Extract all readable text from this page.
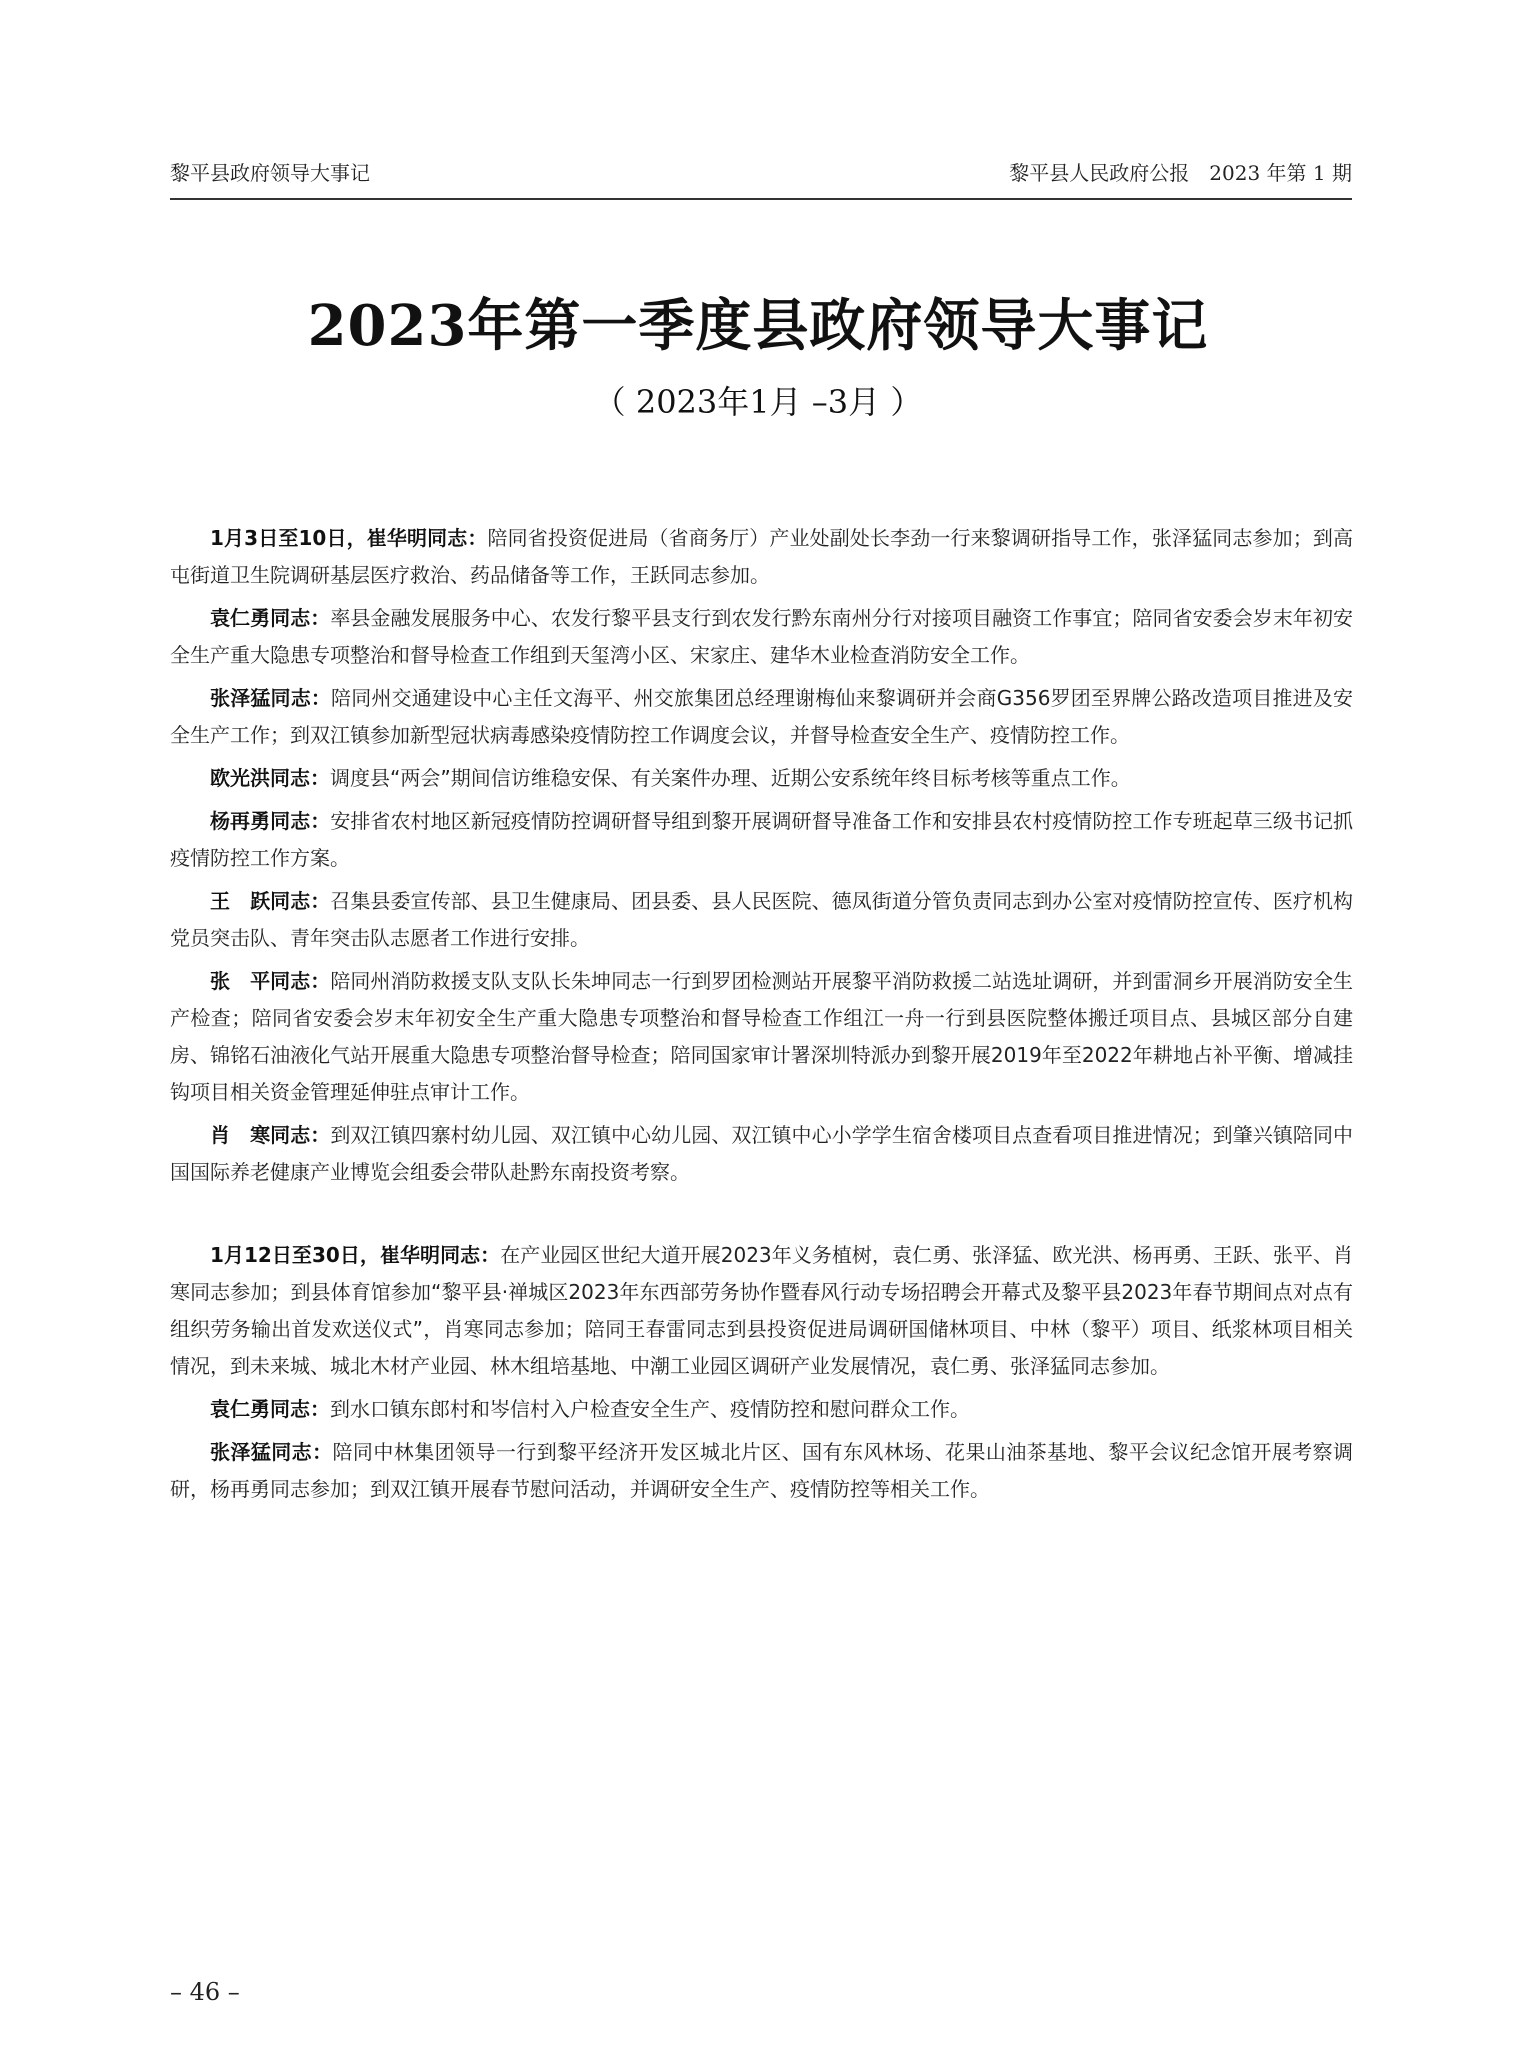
黎平县政府领导大事记	黎平县人民政府公报　2023 年第 1 期
2023年第一季度县政府领导大事记
（ 2023年1月 –3月 ）

1月3日至10日，崔华明同志：陪同省投资促进局（省商务厅）产业处副处长李劲一行来黎调研指导工作，张泽猛同志参加；到高屯街道卫生院调研基层医疗救治、药品储备等工作，王跃同志参加。

袁仁勇同志：率县金融发展服务中心、农发行黎平县支行到农发行黔东南州分行对接项目融资工作事宜；陪同省安委会岁末年初安全生产重大隐患专项整治和督导检查工作组到天玺湾小区、宋家庄、建华木业检查消防安全工作。

张泽猛同志：陪同州交通建设中心主任文海平、州交旅集团总经理谢梅仙来黎调研并会商G356罗团至界牌公路改造项目推进及安全生产工作；到双江镇参加新型冠状病毒感染疫情防控工作调度会议，并督导检查安全生产、疫情防控工作。

欧光洪同志：调度县“两会”期间信访维稳安保、有关案件办理、近期公安系统年终目标考核等重点工作。

杨再勇同志：安排省农村地区新冠疫情防控调研督导组到黎开展调研督导准备工作和安排县农村疫情防控工作专班起草三级书记抓疫情防控工作方案。

王　跃同志：召集县委宣传部、县卫生健康局、团县委、县人民医院、德凤街道分管负责同志到办公室对疫情防控宣传、医疗机构党员突击队、青年突击队志愿者工作进行安排。

张　平同志：陪同州消防救援支队支队长朱坤同志一行到罗团检测站开展黎平消防救援二站选址调研，并到雷洞乡开展消防安全生产检查；陪同省安委会岁末年初安全生产重大隐患专项整治和督导检查工作组江一舟一行到县医院整体搬迁项目点、县城区部分自建房、锦铭石油液化气站开展重大隐患专项整治督导检查；陪同国家审计署深圳特派办到黎开展2019年至2022年耕地占补平衡、增减挂钩项目相关资金管理延伸驻点审计工作。

肖　寒同志：到双江镇四寨村幼儿园、双江镇中心幼儿园、双江镇中心小学学生宿舍楼项目点查看项目推进情况；到肇兴镇陪同中国国际养老健康产业博览会组委会带队赴黔东南投资考察。

1月12日至30日，崔华明同志：在产业园区世纪大道开展2023年义务植树，袁仁勇、张泽猛、欧光洪、杨再勇、王跃、张平、肖寒同志参加；到县体育馆参加“黎平县·禅城区2023年东西部劳务协作暨春风行动专场招聘会开幕式及黎平县2023年春节期间点对点有组织劳务输出首发欢送仪式”，肖寒同志参加；陪同王春雷同志到县投资促进局调研国储林项目、中林（黎平）项目、纸浆林项目相关情况，到未来城、城北木材产业园、林木组培基地、中潮工业园区调研产业发展情况，袁仁勇、张泽猛同志参加。

袁仁勇同志：到水口镇东郎村和岑信村入户检查安全生产、疫情防控和慰问群众工作。

张泽猛同志：陪同中林集团领导一行到黎平经济开发区城北片区、国有东风林场、花果山油茶基地、黎平会议纪念馆开展考察调研，杨再勇同志参加；到双江镇开展春节慰问活动，并调研安全生产、疫情防控等相关工作。

– 46 –
